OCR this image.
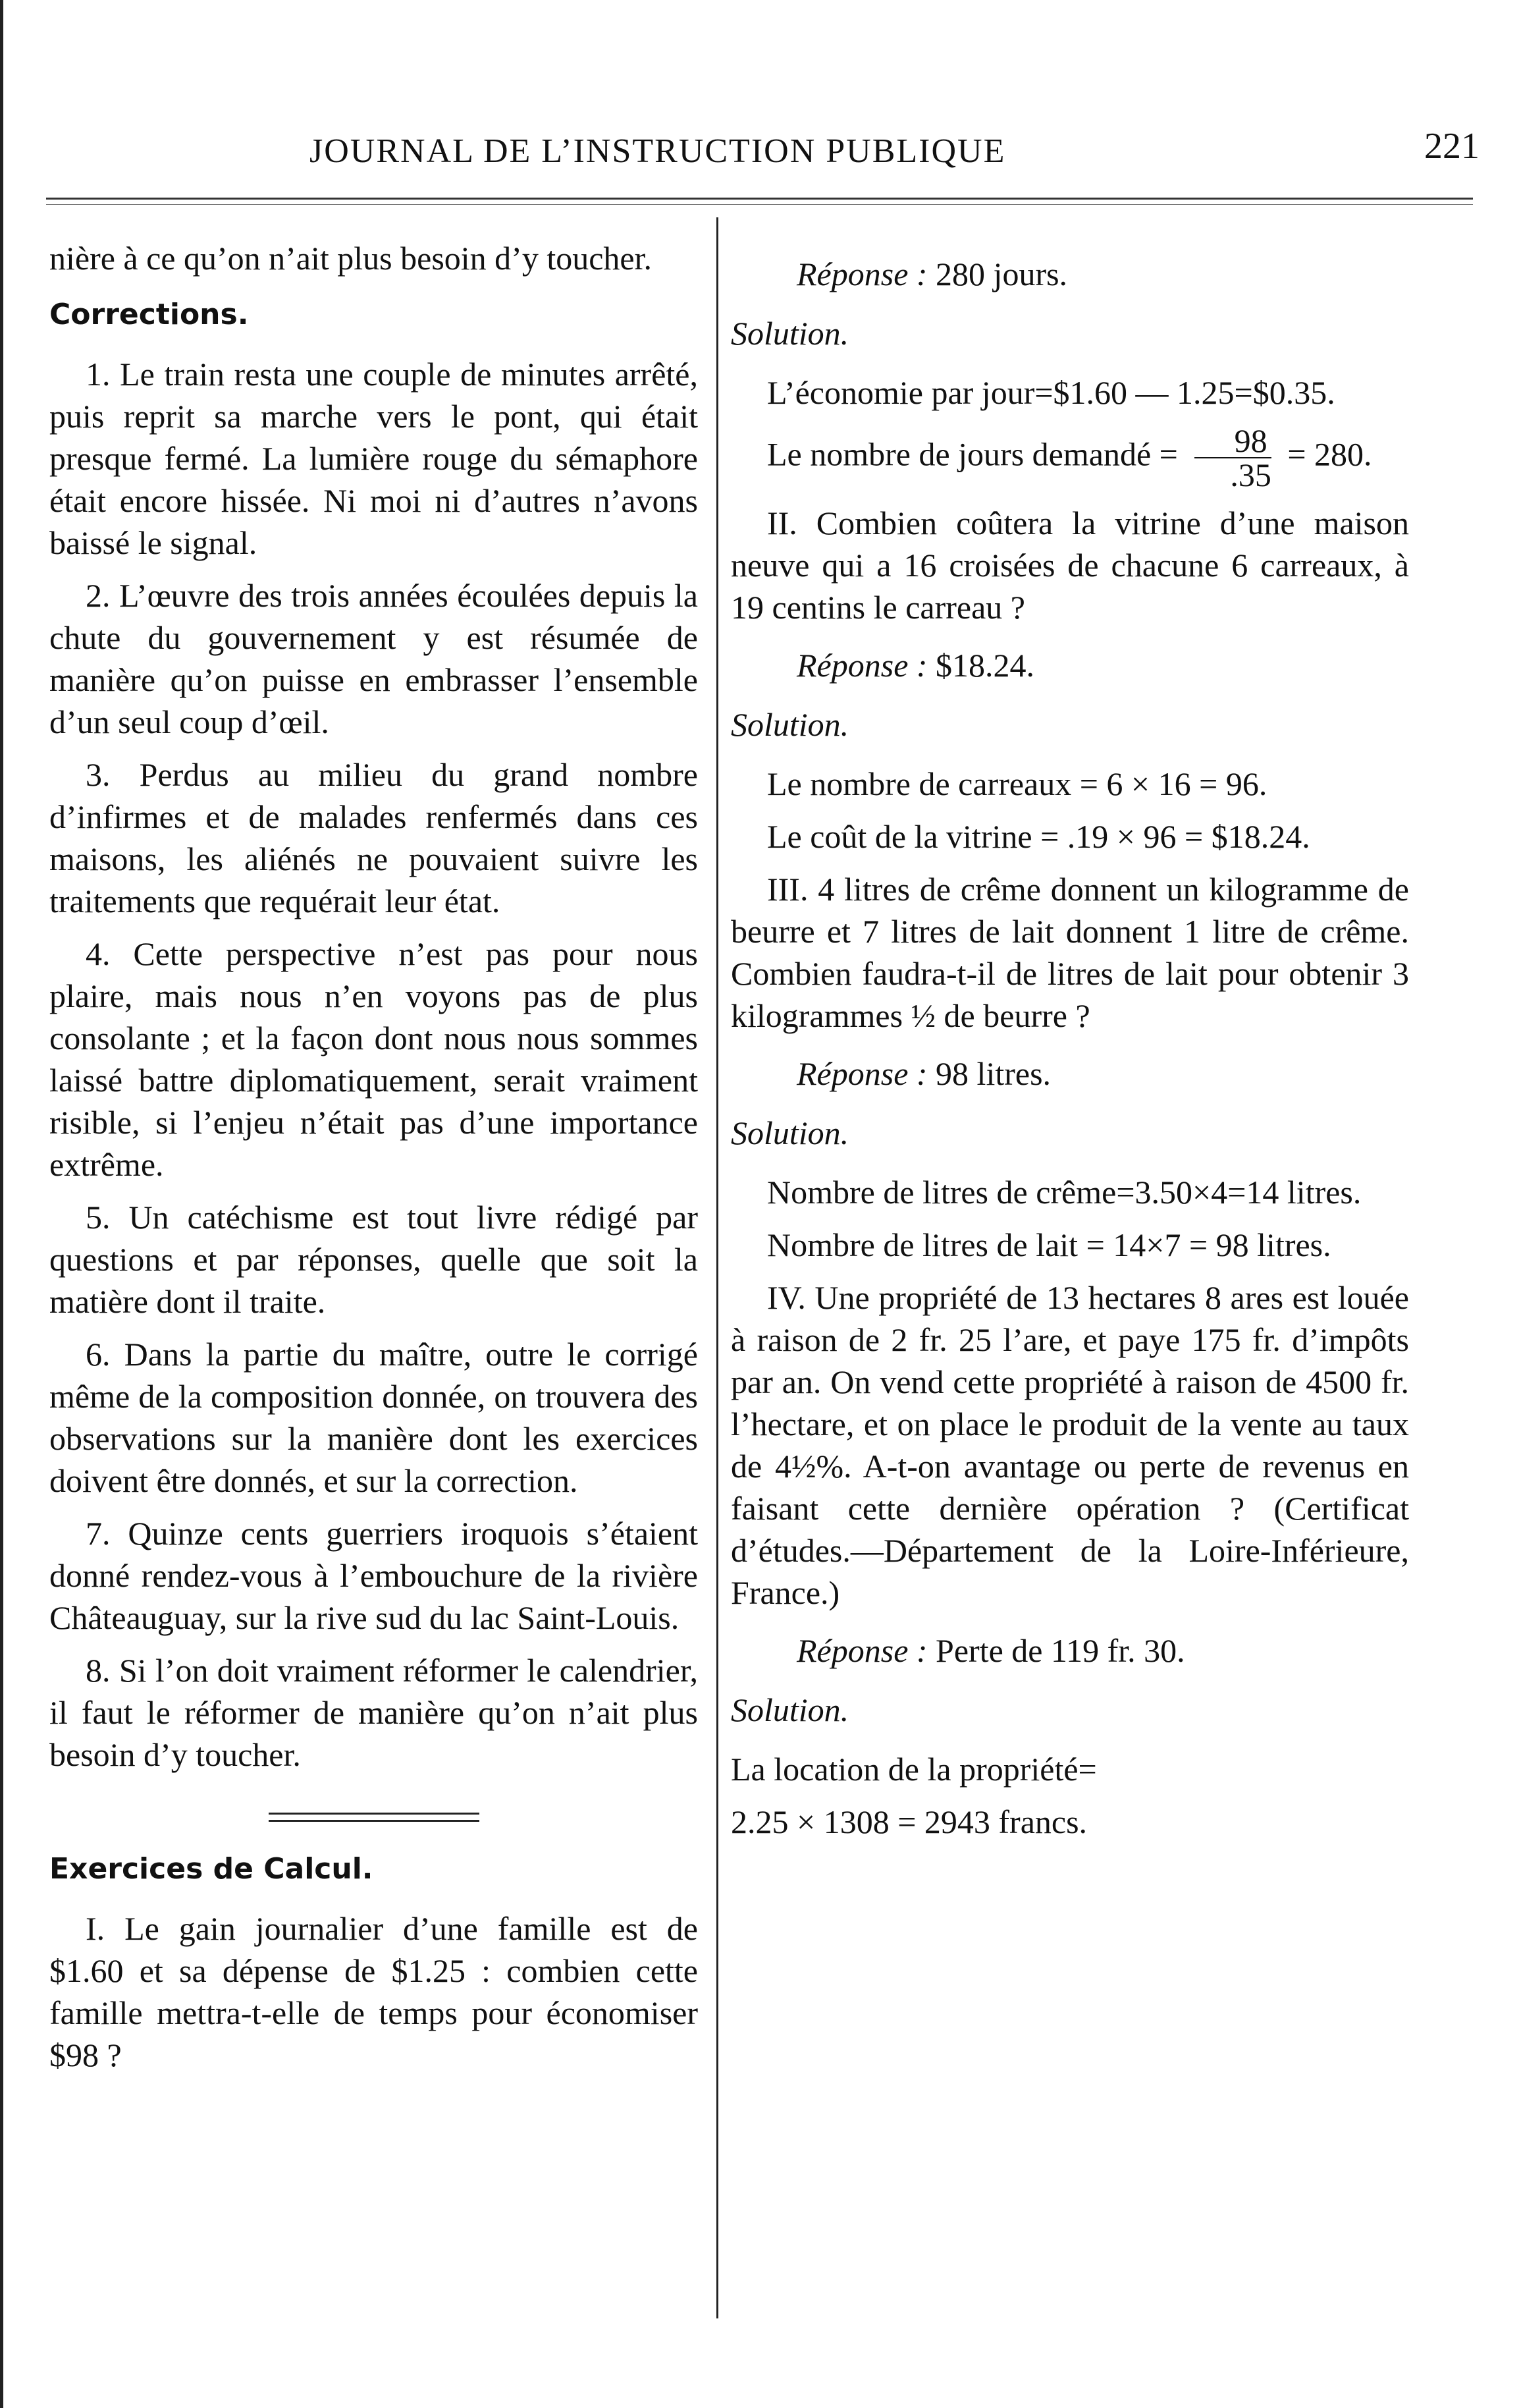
JOURNAL DE L’INSTRUCTION PUBLIQUE	221

nière à ce qu’on n’ait plus besoin d’y toucher.

Corrections.

1. Le train resta une couple de minutes arrêté, puis reprit sa marche vers le pont, qui était presque fermé. La lumière rouge du sémaphore était encore hissée. Ni moi ni d’autres n’avons baissé le signal.

2. L’œuvre des trois années écoulées depuis la chute du gouvernement y est résumée de manière qu’on puisse en embrasser l’ensemble d’un seul coup d’œil.

3. Perdus au milieu du grand nombre d’infirmes et de malades renfermés dans ces maisons, les aliénés ne pouvaient suivre les traitements que requérait leur état.

4. Cette perspective n’est pas pour nous plaire, mais nous n’en voyons pas de plus consolante ; et la façon dont nous nous sommes laissé battre diplomatiquement, serait vraiment risible, si l’enjeu n’était pas d’une importance extrême.

5. Un catéchisme est tout livre rédigé par questions et par réponses, quelle que soit la matière dont il traite.

6. Dans la partie du maître, outre le corrigé même de la composition donnée, on trouvera des observations sur la manière dont les exercices doivent être donnés, et sur la correction.

7. Quinze cents guerriers iroquois s’étaient donné rendez-vous à l’embouchure de la rivière Châteauguay, sur la rive sud du lac Saint-Louis.

8. Si l’on doit vraiment réformer le calendrier, il faut le réformer de manière qu’on n’ait plus besoin d’y toucher.

Exercices de Calcul.

I. Le gain journalier d’une famille est de $1.60 et sa dépense de $1.25 : combien cette famille mettra-t-elle de temps pour économiser $98 ?

Réponse : 280 jours.

Solution.

L’économie par jour=$1.60 — 1.25=$0.35.

Le nombre de jours demandé = $\frac{98}{.35} = 280$.

II. Combien coûtera la vitrine d’une maison neuve qui a 16 croisées de chacune 6 carreaux, à 19 centins le carreau ?

Réponse : $18.24.

Solution.

Le nombre de carreaux = 6 × 16 = 96.

Le coût de la vitrine = .19 × 96 = $18.24.

III. 4 litres de crême donnent un kilogramme de beurre et 7 litres de lait donnent 1 litre de crême. Combien faudra-t-il de litres de lait pour obtenir 3 kilogrammes ½ de beurre ?

Réponse : 98 litres.

Solution.

Nombre de litres de crême=3.50×4=14 litres.

Nombre de litres de lait = 14×7 = 98 litres.

IV. Une propriété de 13 hectares 8 ares est louée à raison de 2 fr. 25 l’are, et paye 175 fr. d’impôts par an. On vend cette propriété à raison de 4500 fr. l’hectare, et on place le produit de la vente au taux de 4½%. A-t-on avantage ou perte de revenus en faisant cette dernière opération ? (Certificat d’études.—Département de la Loire-Inférieure, France.)

Réponse : Perte de 119 fr. 30.

Solution.

La location de la propriété=

2.25 × 1308 = 2943 francs.
